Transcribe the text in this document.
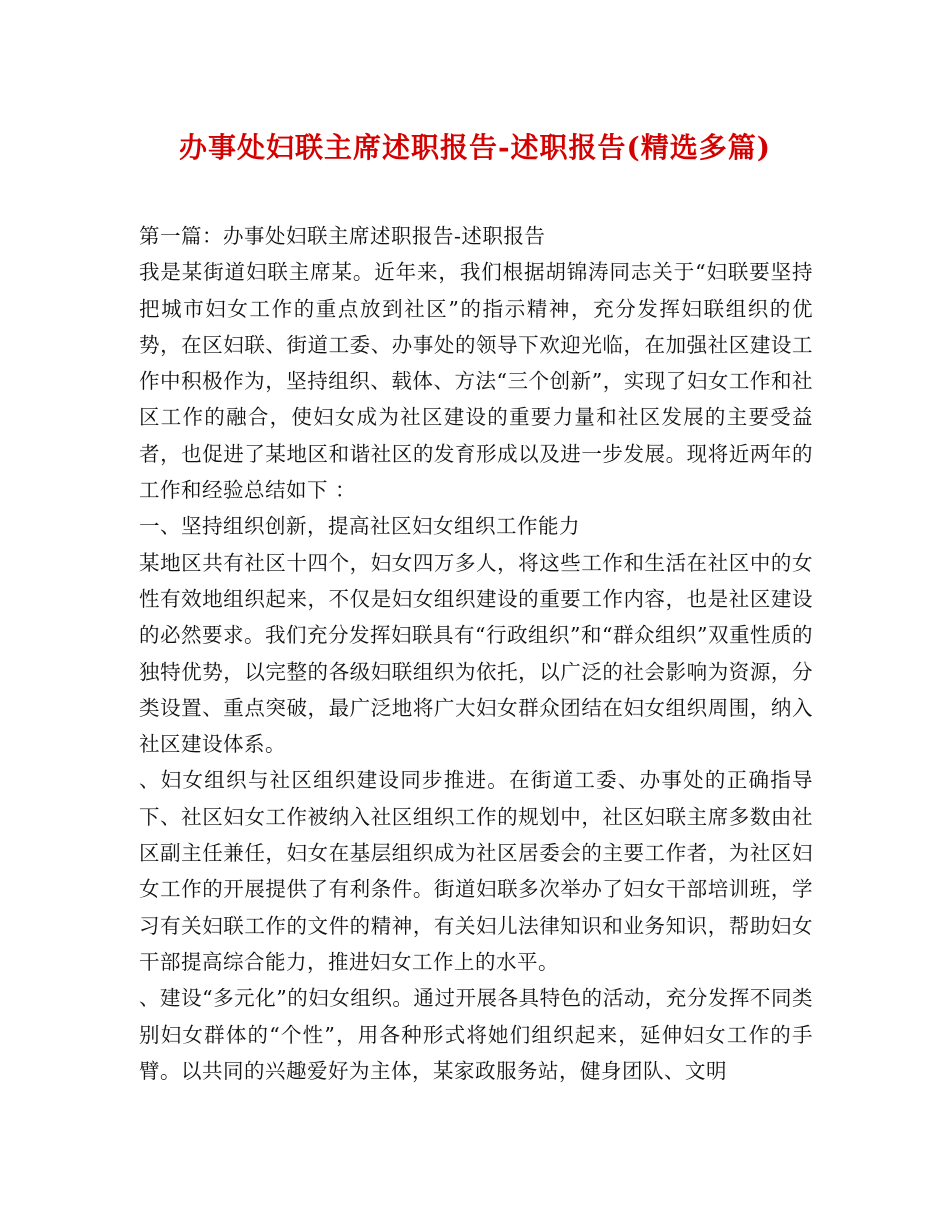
办事处妇联主席述职报告-述职报告(精选多篇)

第一篇：办事处妇联主席述职报告-述职报告

我是某街道妇联主席某。近年来，我们根据胡锦涛同志关于“妇联要坚持把城市妇女工作的重点放到社区”的指示精神，充分发挥妇联组织的优势，在区妇联、街道工委、办事处的领导下欢迎光临，在加强社区建设工作中积极作为，坚持组织、载体、方法“三个创新”，实现了妇女工作和社区工作的融合，使妇女成为社区建设的重要力量和社区发展的主要受益者，也促进了某地区和谐社区的发育形成以及进一步发展。现将近两年的工作和经验总结如下 ：

一、坚持组织创新，提高社区妇女组织工作能力

某地区共有社区十四个，妇女四万多人，将这些工作和生活在社区中的女性有效地组织起来，不仅是妇女组织建设的重要工作内容，也是社区建设的必然要求。我们充分发挥妇联具有“行政组织”和“群众组织”双重性质的独特优势，以完整的各级妇联组织为依托，以广泛的社会影响为资源，分类设置、重点突破，最广泛地将广大妇女群众团结在妇女组织周围，纳入社区建设体系。

、妇女组织与社区组织建设同步推进。在街道工委、办事处的正确指导下、社区妇女工作被纳入社区组织工作的规划中，社区妇联主席多数由社区副主任兼任，妇女在基层组织成为社区居委会的主要工作者，为社区妇女工作的开展提供了有利条件。街道妇联多次举办了妇女干部培训班，学习有关妇联工作的文件的精神，有关妇儿法律知识和业务知识，帮助妇女干部提高综合能力，推进妇女工作上的水平。

、建设“多元化”的妇女组织。通过开展各具特色的活动，充分发挥不同类别妇女群体的“个性”，用各种形式将她们组织起来，延伸妇女工作的手臂。以共同的兴趣爱好为主体，某家政服务站，健身团队、文明
